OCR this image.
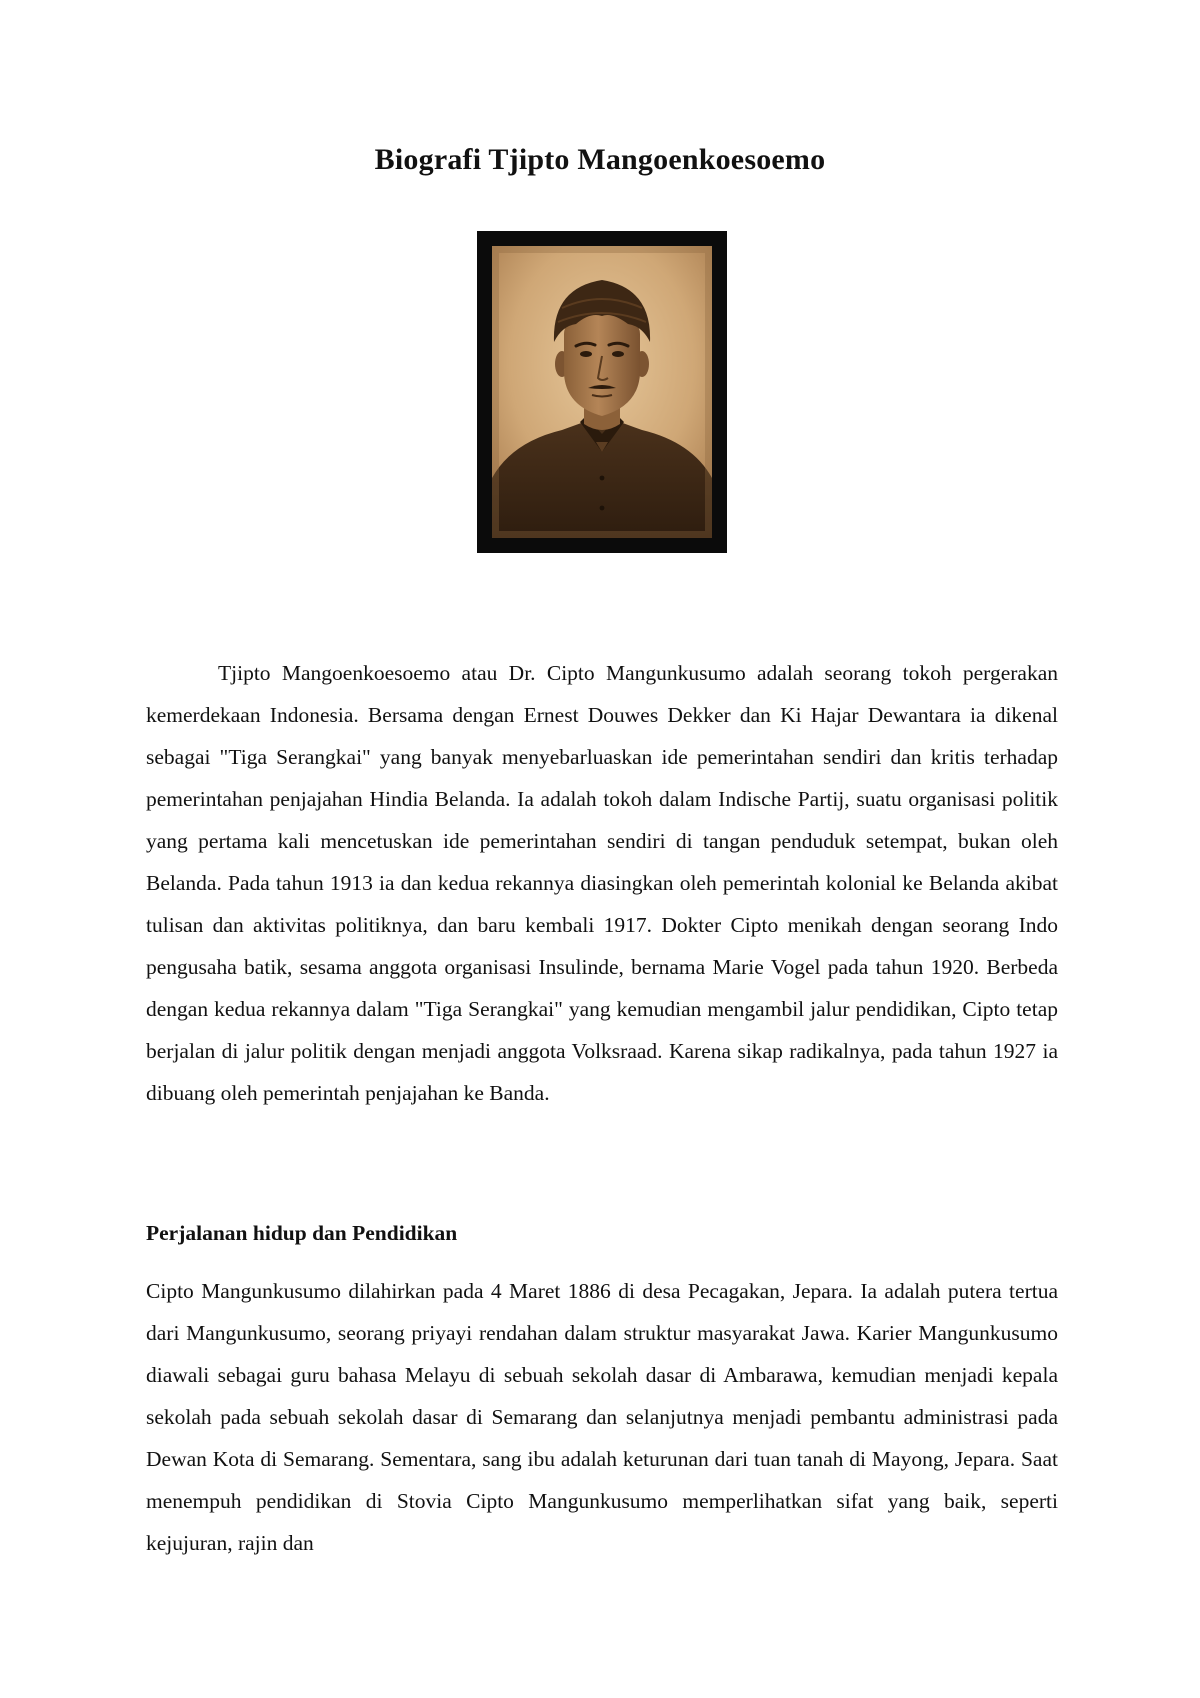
Biografi Tjipto Mangoenkoesoemo

Tjipto Mangoenkoesoemo atau Dr. Cipto Mangunkusumo adalah seorang tokoh pergerakan kemerdekaan Indonesia. Bersama dengan Ernest Douwes Dekker dan Ki Hajar Dewantara ia dikenal sebagai "Tiga Serangkai" yang banyak menyebarluaskan ide pemerintahan sendiri dan kritis terhadap pemerintahan penjajahan Hindia Belanda. Ia adalah tokoh dalam Indische Partij, suatu organisasi politik yang pertama kali mencetuskan ide pemerintahan sendiri di tangan penduduk setempat, bukan oleh Belanda. Pada tahun 1913 ia dan kedua rekannya diasingkan oleh pemerintah kolonial ke Belanda akibat tulisan dan aktivitas politiknya, dan baru kembali 1917. Dokter Cipto menikah dengan seorang Indo pengusaha batik, sesama anggota organisasi Insulinde, bernama Marie Vogel pada tahun 1920. Berbeda dengan kedua rekannya dalam "Tiga Serangkai" yang kemudian mengambil jalur pendidikan, Cipto tetap berjalan di jalur politik dengan menjadi anggota Volksraad. Karena sikap radikalnya, pada tahun 1927 ia dibuang oleh pemerintah penjajahan ke Banda.

Perjalanan hidup dan Pendidikan

Cipto Mangunkusumo dilahirkan pada 4 Maret 1886 di desa Pecagakan, Jepara. Ia adalah putera tertua dari Mangunkusumo, seorang priyayi rendahan dalam struktur masyarakat Jawa. Karier Mangunkusumo diawali sebagai guru bahasa Melayu di sebuah sekolah dasar di Ambarawa, kemudian menjadi kepala sekolah pada sebuah sekolah dasar di Semarang dan selanjutnya menjadi pembantu administrasi pada Dewan Kota di Semarang. Sementara, sang ibu adalah keturunan dari tuan tanah di Mayong, Jepara. Saat menempuh pendidikan di Stovia Cipto Mangunkusumo memperlihatkan sifat yang baik, seperti kejujuran, rajin dan
